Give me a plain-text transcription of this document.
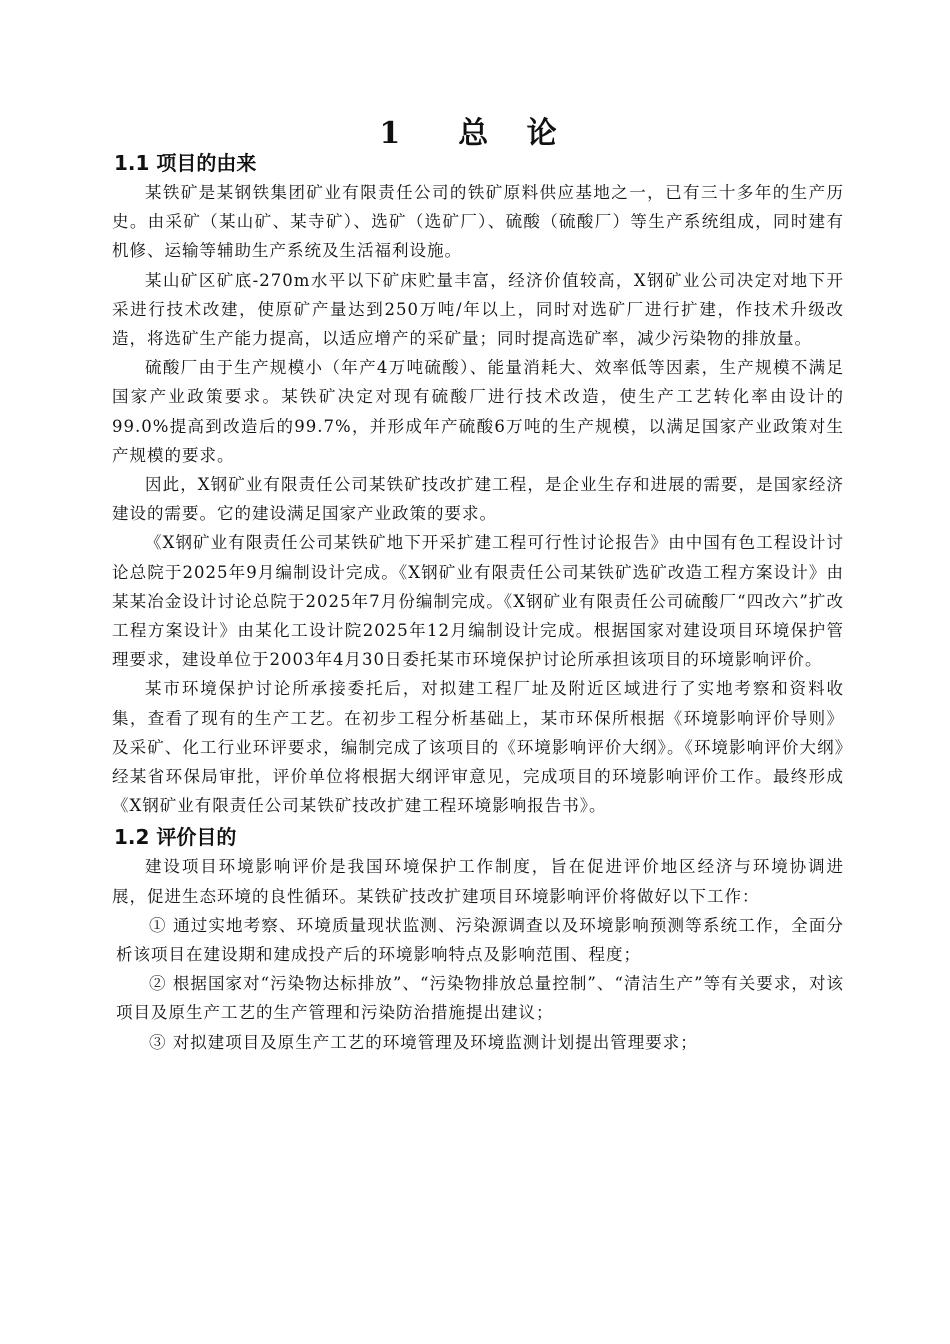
1　总 论
1.1 项目的由来

某铁矿是某钢铁集团矿业有限责任公司的铁矿原料供应基地之一，已有三十多年的生产历史。由采矿（某山矿、某寺矿）、选矿（选矿厂）、硫酸（硫酸厂）等生产系统组成，同时建有机修、运输等辅助生产系统及生活福利设施。

某山矿区矿底-270m水平以下矿床贮量丰富，经济价值较高，X钢矿业公司决定对地下开采进行技术改建，使原矿产量达到250万吨/年以上，同时对选矿厂进行扩建，作技术升级改造，将选矿生产能力提高，以适应增产的采矿量；同时提高选矿率，减少污染物的排放量。

硫酸厂由于生产规模小（年产4万吨硫酸）、能量消耗大、效率低等因素，生产规模不满足国家产业政策要求。某铁矿决定对现有硫酸厂进行技术改造，使生产工艺转化率由设计的99.0%提高到改造后的99.7%，并形成年产硫酸6万吨的生产规模，以满足国家产业政策对生产规模的要求。

因此，X钢矿业有限责任公司某铁矿技改扩建工程，是企业生存和进展的需要，是国家经济建设的需要。它的建设满足国家产业政策的要求。

《X钢矿业有限责任公司某铁矿地下开采扩建工程可行性讨论报告》由中国有色工程设计讨论总院于2025年9月编制设计完成。《X钢矿业有限责任公司某铁矿选矿改造工程方案设计》由某某冶金设计讨论总院于2025年7月份编制完成。《X钢矿业有限责任公司硫酸厂“四改六”扩改工程方案设计》由某化工设计院2025年12月编制设计完成。根据国家对建设项目环境保护管理要求，建设单位于2003年4月30日委托某市环境保护讨论所承担该项目的环境影响评价。

某市环境保护讨论所承接委托后，对拟建工程厂址及附近区域进行了实地考察和资料收集，查看了现有的生产工艺。在初步工程分析基础上，某市环保所根据《环境影响评价导则》及采矿、化工行业环评要求，编制完成了该项目的《环境影响评价大纲》。《环境影响评价大纲》经某省环保局审批，评价单位将根据大纲评审意见，完成项目的环境影响评价工作。最终形成《X钢矿业有限责任公司某铁矿技改扩建工程环境影响报告书》。

1.2 评价目的

建设项目环境影响评价是我国环境保护工作制度，旨在促进评价地区经济与环境协调进展，促进生态环境的良性循环。某铁矿技改扩建项目环境影响评价将做好以下工作：

① 通过实地考察、环境质量现状监测、污染源调查以及环境影响预测等系统工作，全面分析该项目在建设期和建成投产后的环境影响特点及影响范围、程度；

② 根据国家对“污染物达标排放”、“污染物排放总量控制”、“清洁生产”等有关要求，对该项目及原生产工艺的生产管理和污染防治措施提出建议；

③ 对拟建项目及原生产工艺的环境管理及环境监测计划提出管理要求；
